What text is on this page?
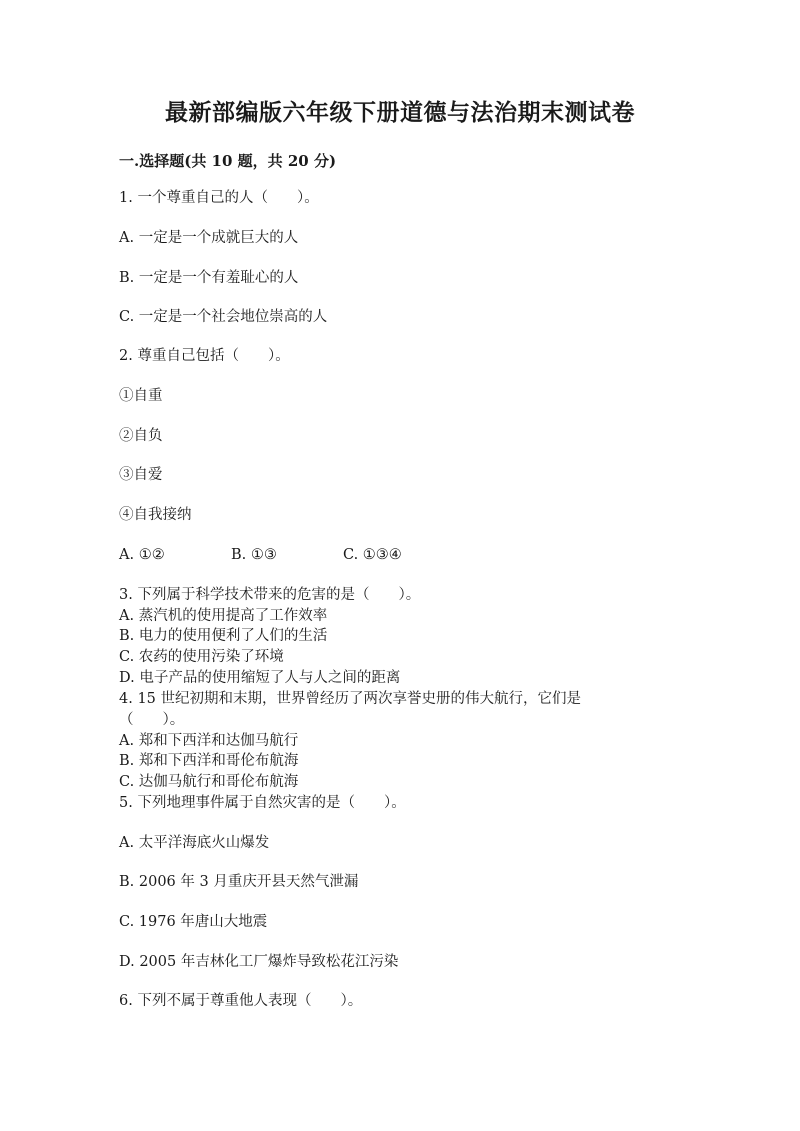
最新部编版六年级下册道德与法治期末测试卷
一.选择题(共 10 题，共 20 分)

1. 一个尊重自己的人（　　）。

A. 一定是一个成就巨大的人

B. 一定是一个有羞耻心的人

C. 一定是一个社会地位崇高的人

2. 尊重自己包括（　　）。

①自重

②自负

③自爱

④自我接纳

A. ①②	B. ①③	C. ①③④

3. 下列属于科学技术带来的危害的是（　　）。

A. 蒸汽机的使用提高了工作效率

B. 电力的使用便利了人们的生活

C. 农药的使用污染了环境

D. 电子产品的使用缩短了人与人之间的距离

4. 15 世纪初期和末期，世界曾经历了两次享誉史册的伟大航行，它们是

（　　）。

A. 郑和下西洋和达伽马航行

B. 郑和下西洋和哥伦布航海

C. 达伽马航行和哥伦布航海

5. 下列地理事件属于自然灾害的是（　　）。

A. 太平洋海底火山爆发

B. 2006 年 3 月重庆开县天然气泄漏

C. 1976 年唐山大地震

D. 2005 年吉林化工厂爆炸导致松花江污染

6. 下列不属于尊重他人表现（　　）。
